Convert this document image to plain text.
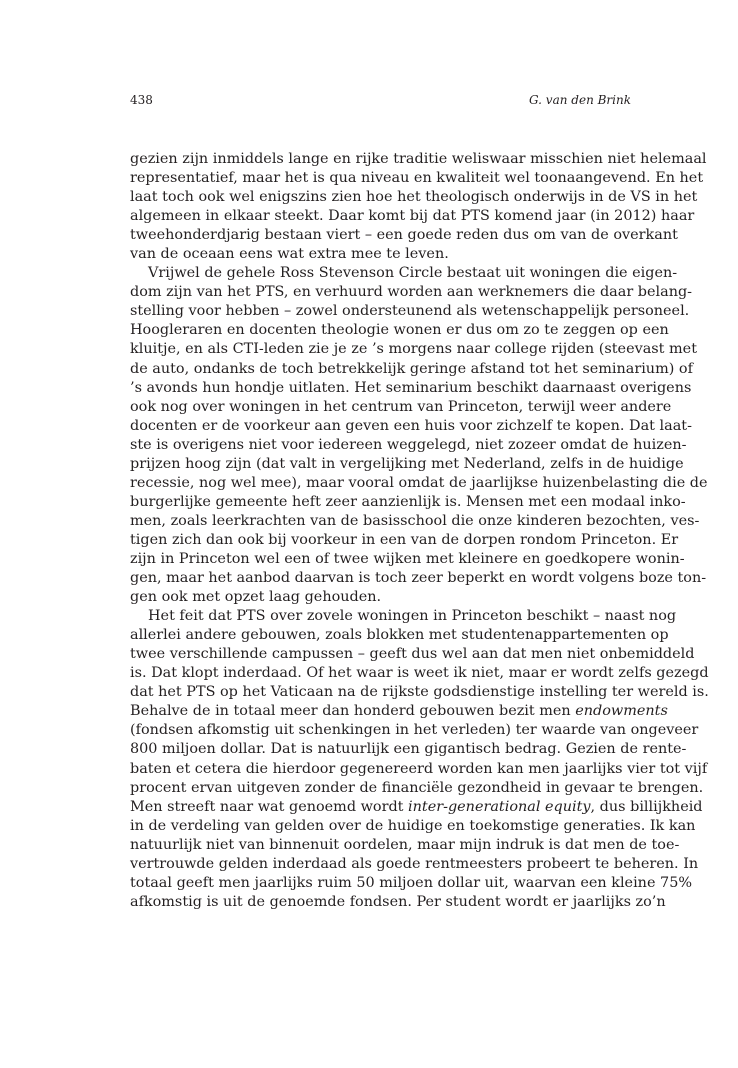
438	G. van den Brink
gezien zijn inmiddels lange en rijke traditie weliswaar misschien niet helemaal
representatief, maar het is qua niveau en kwaliteit wel toonaangevend. En het
laat toch ook wel enigszins zien hoe het theologisch onderwijs in de VS in het
algemeen in elkaar steekt. Daar komt bij dat PTS komend jaar (in 2012) haar
tweehonderdjarig bestaan viert – een goede reden dus om van de overkant
van de oceaan eens wat extra mee te leven.
Vrijwel de gehele Ross Stevenson Circle bestaat uit woningen die eigen-
dom zijn van het PTS, en verhuurd worden aan werknemers die daar belang-
stelling voor hebben – zowel ondersteunend als wetenschappelijk personeel.
Hoogleraren en docenten theologie wonen er dus om zo te zeggen op een
kluitje, en als CTI-leden zie je ze ’s morgens naar college rijden (steevast met
de auto, ondanks de toch betrekkelijk geringe afstand tot het seminarium) of
’s avonds hun hondje uitlaten. Het seminarium beschikt daarnaast overigens
ook nog over woningen in het centrum van Princeton, terwijl weer andere
docenten er de voorkeur aan geven een huis voor zichzelf te kopen. Dat laat-
ste is overigens niet voor iedereen weggelegd, niet zozeer omdat de huizen-
prijzen hoog zijn (dat valt in vergelijking met Nederland, zelfs in de huidige
recessie, nog wel mee), maar vooral omdat de jaarlijkse huizenbelasting die de
burgerlijke gemeente heft zeer aanzienlijk is. Mensen met een modaal inko-
men, zoals leerkrachten van de basisschool die onze kinderen bezochten, ves-
tigen zich dan ook bij voorkeur in een van de dorpen rondom Princeton. Er
zijn in Princeton wel een of twee wijken met kleinere en goedkopere wonin-
gen, maar het aanbod daarvan is toch zeer beperkt en wordt volgens boze ton-
gen ook met opzet laag gehouden.
Het feit dat PTS over zovele woningen in Princeton beschikt – naast nog
allerlei andere gebouwen, zoals blokken met studentenappartementen op
twee verschillende campussen – geeft dus wel aan dat men niet onbemiddeld
is. Dat klopt inderdaad. Of het waar is weet ik niet, maar er wordt zelfs gezegd
dat het PTS op het Vaticaan na de rijkste godsdienstige instelling ter wereld is.
Behalve de in totaal meer dan honderd gebouwen bezit men endowments
(fondsen afkomstig uit schenkingen in het verleden) ter waarde van ongeveer
800 miljoen dollar. Dat is natuurlijk een gigantisch bedrag. Gezien de rente-
baten et cetera die hierdoor gegenereerd worden kan men jaarlijks vier tot vijf
procent ervan uitgeven zonder de financiële gezondheid in gevaar te brengen.
Men streeft naar wat genoemd wordt inter-generational equity, dus billijkheid
in de verdeling van gelden over de huidige en toekomstige generaties. Ik kan
natuurlijk niet van binnenuit oordelen, maar mijn indruk is dat men de toe-
vertrouwde gelden inderdaad als goede rentmeesters probeert te beheren. In
totaal geeft men jaarlijks ruim 50 miljoen dollar uit, waarvan een kleine 75%
afkomstig is uit de genoemde fondsen. Per student wordt er jaarlijks zo’n
